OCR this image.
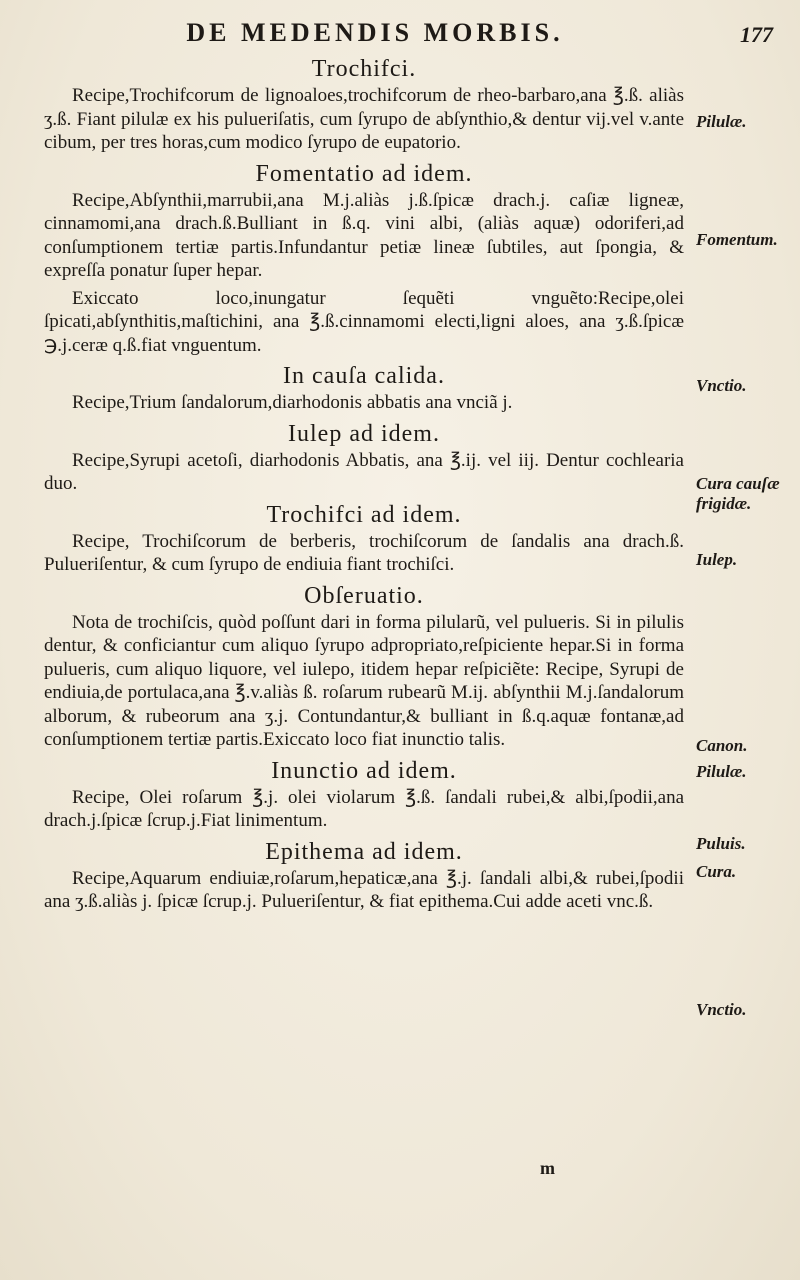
DE MEDENDIS MORBIS.	177
Trochifci.

Recipe,Trochifcorum de lignoaloes,trochifcorum de rheo-barbaro,ana ℥.ß. aliàs ʒ.ß. Fiant pilulæ ex his pulueriſatis, cum ſyrupo de abſynthio,& dentur vij.vel v.ante cibum, per tres horas,cum modico ſyrupo de eupatorio.

Fomentatio ad idem.

Recipe,Abſynthii,marrubii,ana M.j.aliàs j.ß.ſpicæ drach.j. caſiæ ligneæ, cinnamomi,ana drach.ß.Bulliant in ß.q. vini albi, (aliàs aquæ) odoriferi,ad conſumptionem tertiæ partis.Infundantur petiæ lineæ ſubtiles, aut ſpongia, & expreſſa ponatur ſuper hepar.

Exiccato loco,inungatur ſequẽti vnguẽto:Recipe,olei ſpicati,abſynthitis,maſtichini, ana ℥.ß.cinnamomi electi,ligni aloes, ana ʒ.ß.ſpicæ ℈.j.ceræ q.ß.fiat vnguentum.

In cauſa calida.

Recipe,Trium ſandalorum,diarhodonis abbatis ana vnciã j.

Iulep ad idem.

Recipe,Syrupi acetoſi, diarhodonis Abbatis, ana ℥.ij. vel iij. Dentur cochlearia duo.

Trochifci ad idem.

Recipe, Trochiſcorum de berberis, trochiſcorum de ſandalis ana drach.ß. Pulueriſentur, & cum ſyrupo de endiuia fiant trochiſci.

Obſeruatio.

Nota de trochiſcis, quòd poſſunt dari in forma pilularũ, vel pulueris. Si in pilulis dentur, & conficiantur cum aliquo ſyrupo adpropriato,reſpiciente hepar.Si in forma pulueris, cum aliquo liquore, vel iulepo, itidem hepar reſpiciẽte: Recipe, Syrupi de endiuia,de portulaca,ana ℥.v.aliàs ß. roſarum rubearũ M.ij. abſynthii M.j.ſandalorum alborum, & rubeorum ana ʒ.j. Contundantur,& bulliant in ß.q.aquæ fontanæ,ad conſumptionem tertiæ partis.Exiccato loco fiat inunctio talis.

Inunctio ad idem.

Recipe, Olei roſarum ℥.j. olei violarum ℥.ß. ſandali rubei,& albi,ſpodii,ana drach.j.ſpicæ ſcrup.j.Fiat linimentum.

Epithema ad idem.

Recipe,Aquarum endiuiæ,roſarum,hepaticæ,ana ℥.j. ſandali albi,& rubei,ſpodii ana ʒ.ß.aliàs j. ſpicæ ſcrup.j. Pulueriſentur, & fiat epithema.Cui adde aceti vnc.ß.

Pilulæ.
Fomentum.
Vnctio.
Cura cauſæ frigidæ.
Iulep.
Canon.
Pilulæ.
Puluis.
Cura.
Vnctio.
m
